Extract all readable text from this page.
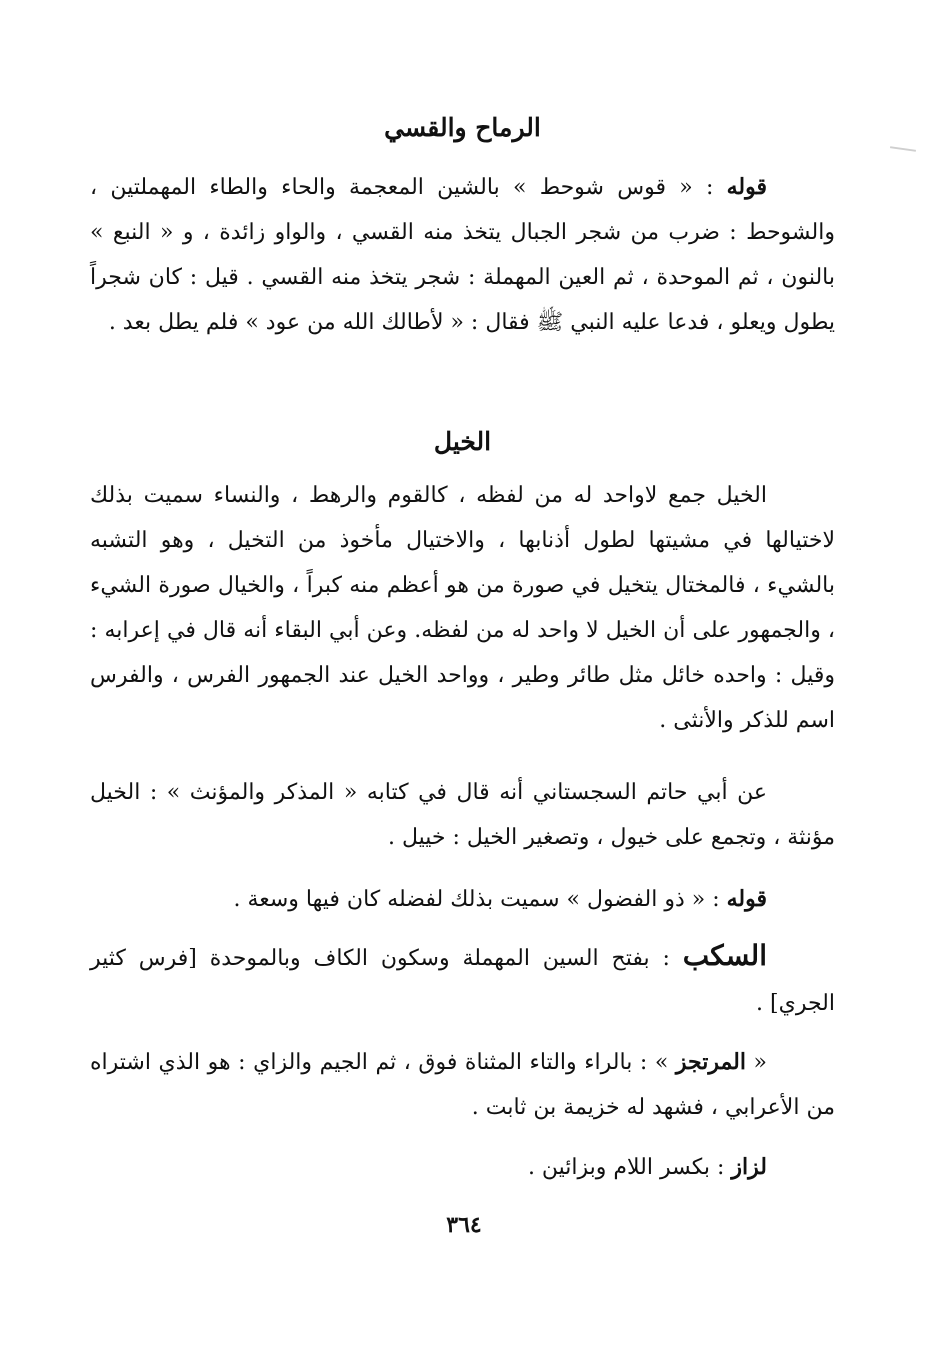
الرماح والقسي
قوله : « قوس شوحط » بالشين المعجمة والحاء والطاء المهملتين ، والشوحط : ضرب من شجر الجبال يتخذ منه القسي ، والواو زائدة ، و « النبع » بالنون ، ثم الموحدة ، ثم العين المهملة : شجر يتخذ منه القسي . قيل : كان شجراً يطول ويعلو ، فدعا عليه النبي ﷺ فقال : « لأطالك الله من عود » فلم يطل بعد .
الخيل
الخيل جمع لاواحد له من لفظه ، كالقوم والرهط ، والنساء سميت بذلك لاختيالها في مشيتها لطول أذنابها ، والاختيال مأخوذ من التخيل ، وهو التشبه بالشيء ، فالمختال يتخيل في صورة من هو أعظم منه كبراً ، والخيال صورة الشيء ، والجمهور على أن الخيل لا واحد له من لفظه. وعن أبي البقاء أنه قال في إعرابه : وقيل : واحده خائل مثل طائر وطير ، وواحد الخيل عند الجمهور الفرس ، والفرس اسم للذكر والأنثى .
عن أبي حاتم السجستاني أنه قال في كتابه « المذكر والمؤنث » : الخيل مؤنثة ، وتجمع على خيول ، وتصغير الخيل : خييل .
قوله : « ذو الفضول » سميت بذلك لفضله كان فيها وسعة .
السكب : بفتح السين المهملة وسكون الكاف وبالموحدة [فرس كثير الجري] .
« المرتجز » : بالراء والتاء المثناة فوق ، ثم الجيم والزاي : هو الذي اشتراه من الأعرابي ، فشهد له خزيمة بن ثابت .
لزاز : بكسر اللام وبزائين .
٣٦٤
